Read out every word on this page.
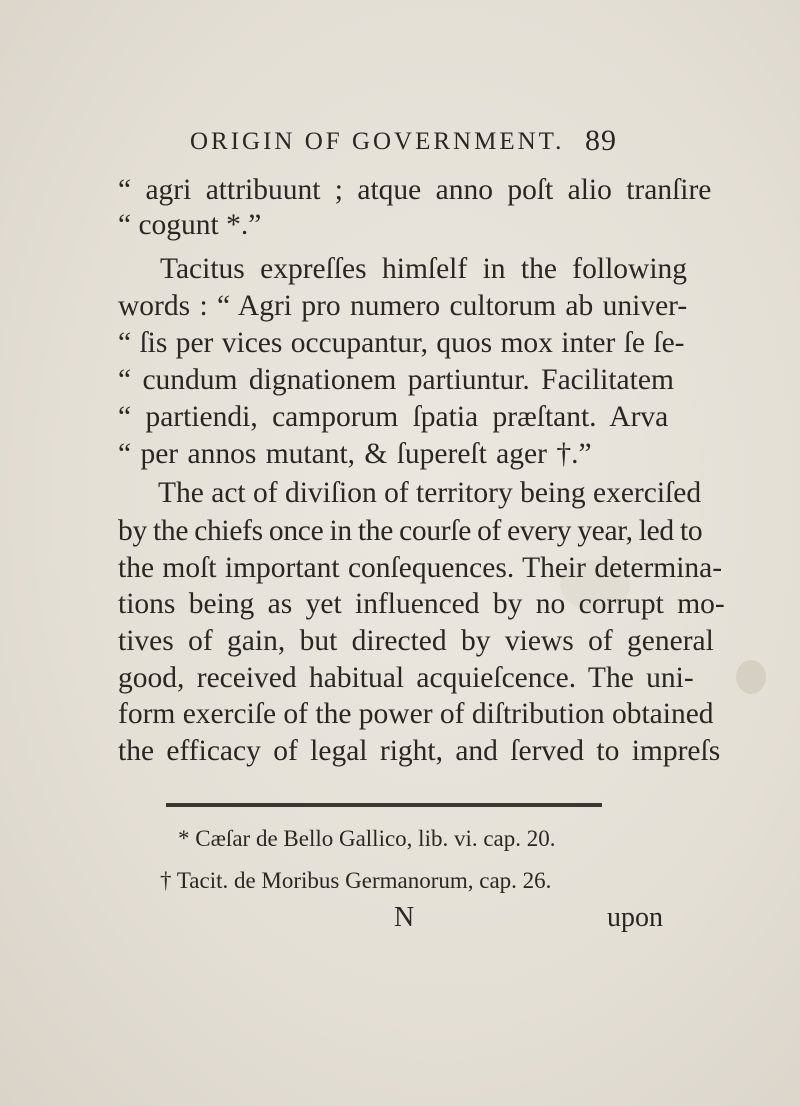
ORIGIN OF GOVERNMENT. 89
“ agri attribuunt ; atque anno poſt alio tranſire
“ cogunt *.”
Tacitus expreſſes himſelf in the following
words : “ Agri pro numero cultorum ab univer-
“ ſis per vices occupantur, quos mox inter ſe ſe-
“ cundum dignationem partiuntur. Facilitatem
“ partiendi, camporum ſpatia præſtant. Arva
“ per annos mutant, & ſupereſt ager †.”
The act of diviſion of territory being exerciſed
by the chiefs once in the courſe of every year, led to
the moſt important conſequences. Their determina-
tions being as yet influenced by no corrupt mo-
tives of gain, but directed by views of general
good, received habitual acquieſcence. The uni-
form exerciſe of the power of diſtribution obtained
the efficacy of legal right, and ſerved to impreſs
* Cæſar de Bello Gallico, lib. vi. cap. 20.
† Tacit. de Moribus Germanorum, cap. 26.
N	upon
